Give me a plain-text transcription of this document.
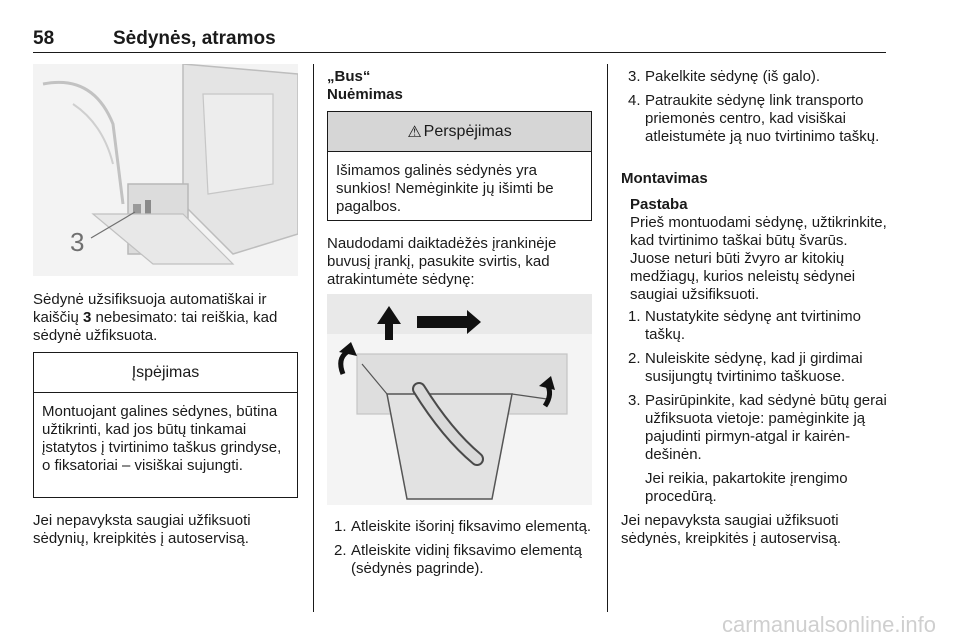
58	Sėdynės, atramos
3

Sėdynė užsifiksuoja automatiškai ir kaiščių 3 nebesimato: tai reiškia, kad sėdynė užfiksuota.

Įspėjimas
Montuojant galines sėdynes, būtina užtikrinti, kad jos būtų tinkamai įstatytos į tvirtinimo taškus grindyse, o fiksatoriai – visiškai sujungti.
Jei nepavyksta saugiai užfiksuoti sėdynių, kreipkitės į autoservisą.
„Bus“
Nuėmimas
⚠ Perspėjimas
Išimamos galinės sėdynės yra sunkios! Nemėginkite jų išimti be pagalbos.
Naudodami daiktadėžės įrankinėje buvusį įrankį, pasukite svirtis, kad atrakintumėte sėdynę:
1. Atleiskite išorinį fiksavimo elementą.
2. Atleiskite vidinį fiksavimo elementą (sėdynės pagrinde).
3. Pakelkite sėdynę (iš galo).
4. Patraukite sėdynę link transporto priemonės centro, kad visiškai atleistumėte ją nuo tvirtinimo taškų.
Montavimas

Pastaba

Prieš montuodami sėdynę, užtikrinkite, kad tvirtinimo taškai būtų švarūs. Juose neturi būti žvyro ar kitokių medžiagų, kurios neleistų sėdynei saugiai užsifiksuoti.

1. Nustatykite sėdynę ant tvirtinimo taškų.
2. Nuleiskite sėdynę, kad ji girdimai susijungtų tvirtinimo taškuose.
3. Pasirūpinkite, kad sėdynė būtų gerai užfiksuota vietoje: pamėginkite ją pajudinti pirmyn-atgal ir kairėn-dešinėn.
Jei reikia, pakartokite įrengimo procedūrą.
Jei nepavyksta saugiai užfiksuoti sėdynės, kreipkitės į autoservisą.
carmanualsonline.info
